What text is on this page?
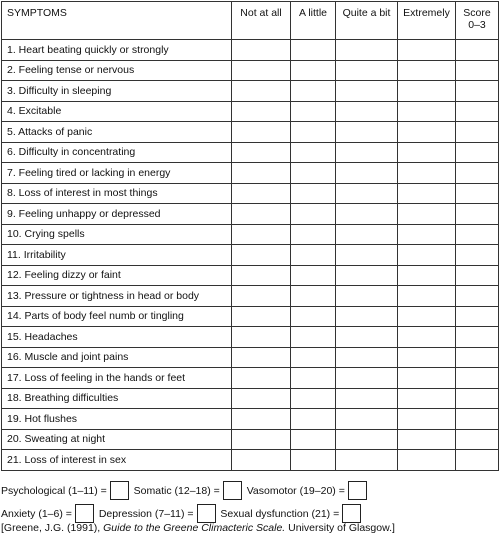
SYMPTOMS	Not at all	A little	Quite a bit	Extremely	Score
0–3
1. Heart beating quickly or strongly					
2. Feeling tense or nervous					
3. Difficulty in sleeping					
4. Excitable					
5. Attacks of panic					
6. Difficulty in concentrating					
7. Feeling tired or lacking in energy					
8. Loss of interest in most things					
9. Feeling unhappy or depressed					
10. Crying spells					
11. Irritability					
12. Feeling dizzy or faint					
13. Pressure or tightness in head or body					
14. Parts of body feel numb or tingling					
15. Headaches					
16. Muscle and joint pains					
17. Loss of feeling in the hands or feet					
18. Breathing difficulties					
19. Hot flushes					
20. Sweating at night					
21. Loss of interest in sex					
Psychological (1–11) =
	Somatic (12–18) =
	Vasomotor (19–20) =
Anxiety (1–6) =
	Depression (7–11) =
	Sexual dysfunction (21) =
[Greene, J.G. (1991), Guide to the Greene Climacteric Scale. University of Glasgow.]
